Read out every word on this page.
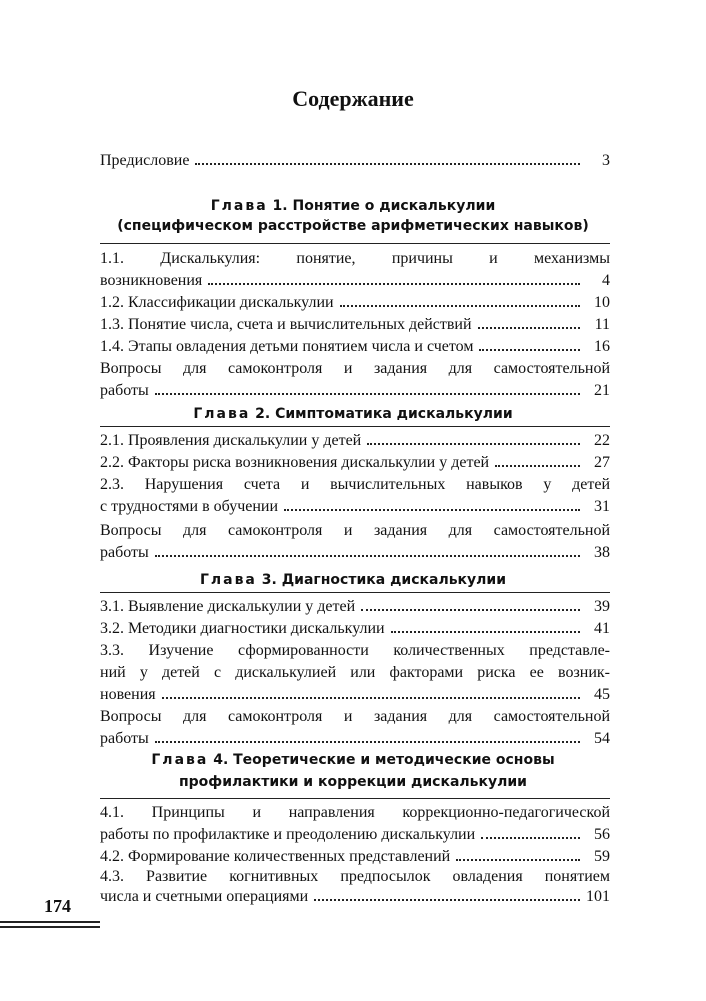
Содержание
Предисловие	3
Глава 1. Понятие о дискалькулии
(специфическом расстройстве арифметических навыков)
1.1. Дискалькулия: понятие, причины и механизмы
возникновения	4
1.2. Классификации дискалькулии	10
1.3. Понятие числа, счета и вычислительных действий	11
1.4. Этапы овладения детьми понятием числа и счетом	16
Вопросы для самоконтроля и задания для самостоятельной
работы	21
Глава 2. Симптоматика дискалькулии
2.1. Проявления дискалькулии у детей	22
2.2. Факторы риска возникновения дискалькулии у детей	27
2.3. Нарушения счета и вычислительных навыков у детей
с трудностями в обучении	31
Вопросы для самоконтроля и задания для самостоятельной
работы	38
Глава 3. Диагностика дискалькулии
3.1. Выявление дискалькулии у детей	39
3.2. Методики диагностики дискалькулии	41
3.3. Изучение сформированности количественных представле-
ний у детей с дискалькулией или факторами риска ее возник-
новения	45
Вопросы для самоконтроля и задания для самостоятельной
работы	54
Глава 4. Теоретические и методические основы
профилактики и коррекции дискалькулии
4.1. Принципы и направления коррекционно-педагогической
работы по профилактике и преодолению дискалькулии	56
4.2. Формирование количественных представлений	59
4.3. Развитие когнитивных предпосылок овладения понятием
числа и счетными операциями	101
174
